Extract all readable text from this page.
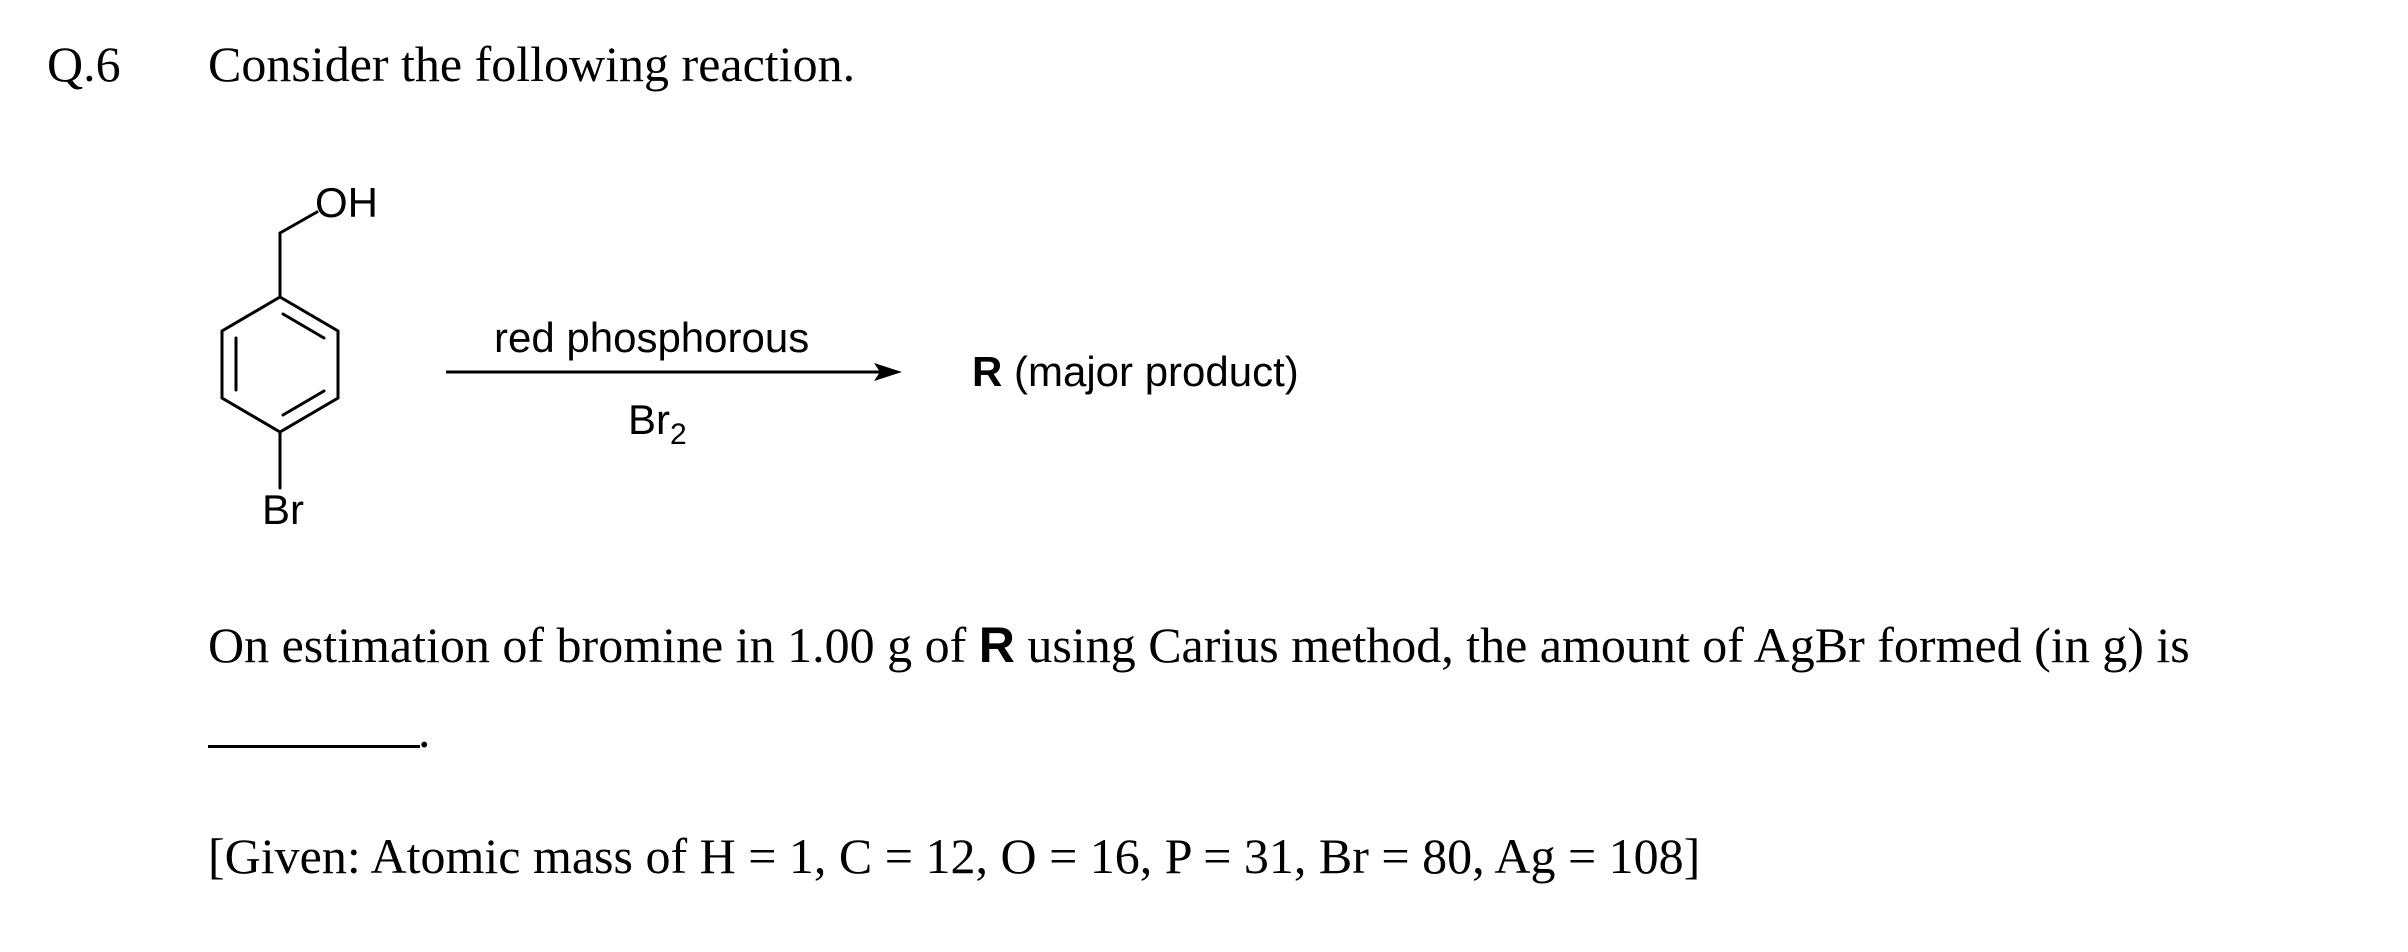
Q.6 Consider the following reaction.
OH
Br
red phosphorous
$Br_2$
R (major product)
On estimation of bromine in 1.00 g of R using Carius method, the amount of AgBr formed (in g) is
.
[Given: Atomic mass of H = 1, C = 12, O = 16, P = 31, Br = 80, Ag = 108]
